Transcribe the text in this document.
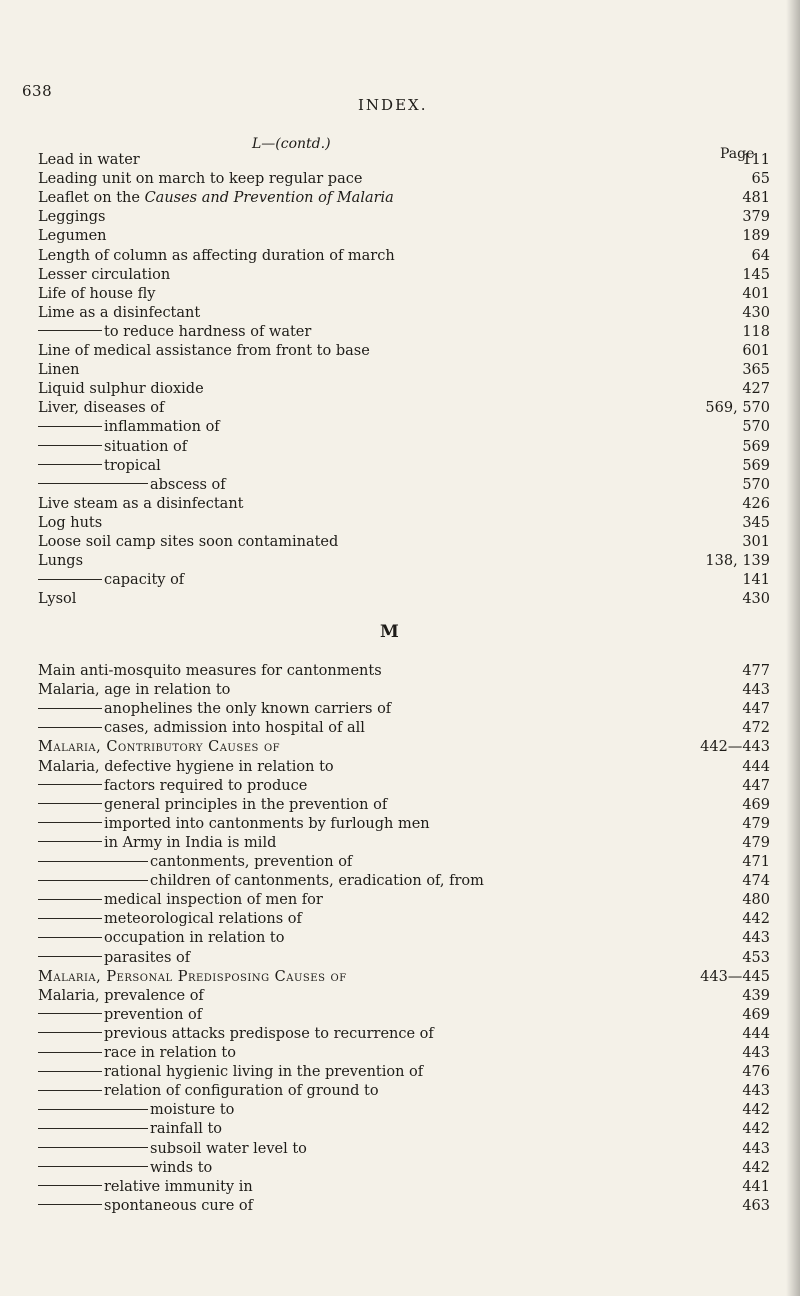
638
INDEX.
L—(contd.)
Page
Lead in water	111
Leading unit on march to keep regular pace	65
Leaflet on the Causes and Prevention of Malaria	481
Leggings	379
Legumen	189
Length of column as affecting duration of march	64
Lesser circulation	145
Life of house fly	401
Lime as a disinfectant	430
to reduce hardness of water	118
Line of medical assistance from front to base	601
Linen	365
Liquid sulphur dioxide	427
Liver, diseases of	569, 570
inflammation of	570
situation of	569
tropical	569
abscess of	570
Live steam as a disinfectant	426
Log huts	345
Loose soil camp sites soon contaminated	301
Lungs	138, 139
capacity of	141
Lysol	430
M
Main anti-mosquito measures for cantonments	477
Malaria, age in relation to	443
anophelines the only known carriers of	447
cases, admission into hospital of all	472
Malaria, Contributory Causes of	442—443
Malaria, defective hygiene in relation to	444
factors required to produce	447
general principles in the prevention of	469
imported into cantonments by furlough men	479
in Army in India is mild	479
cantonments, prevention of	471
children of cantonments, eradication of, from	474
medical inspection of men for	480
meteorological relations of	442
occupation in relation to	443
parasites of	453
Malaria, Personal Predisposing Causes of	443—445
Malaria, prevalence of	439
prevention of	469
previous attacks predispose to recurrence of	444
race in relation to	443
rational hygienic living in the prevention of	476
relation of configuration of ground to	443
moisture to	442
rainfall to	442
subsoil water level to	443
winds to	442
relative immunity in	441
spontaneous cure of	463
